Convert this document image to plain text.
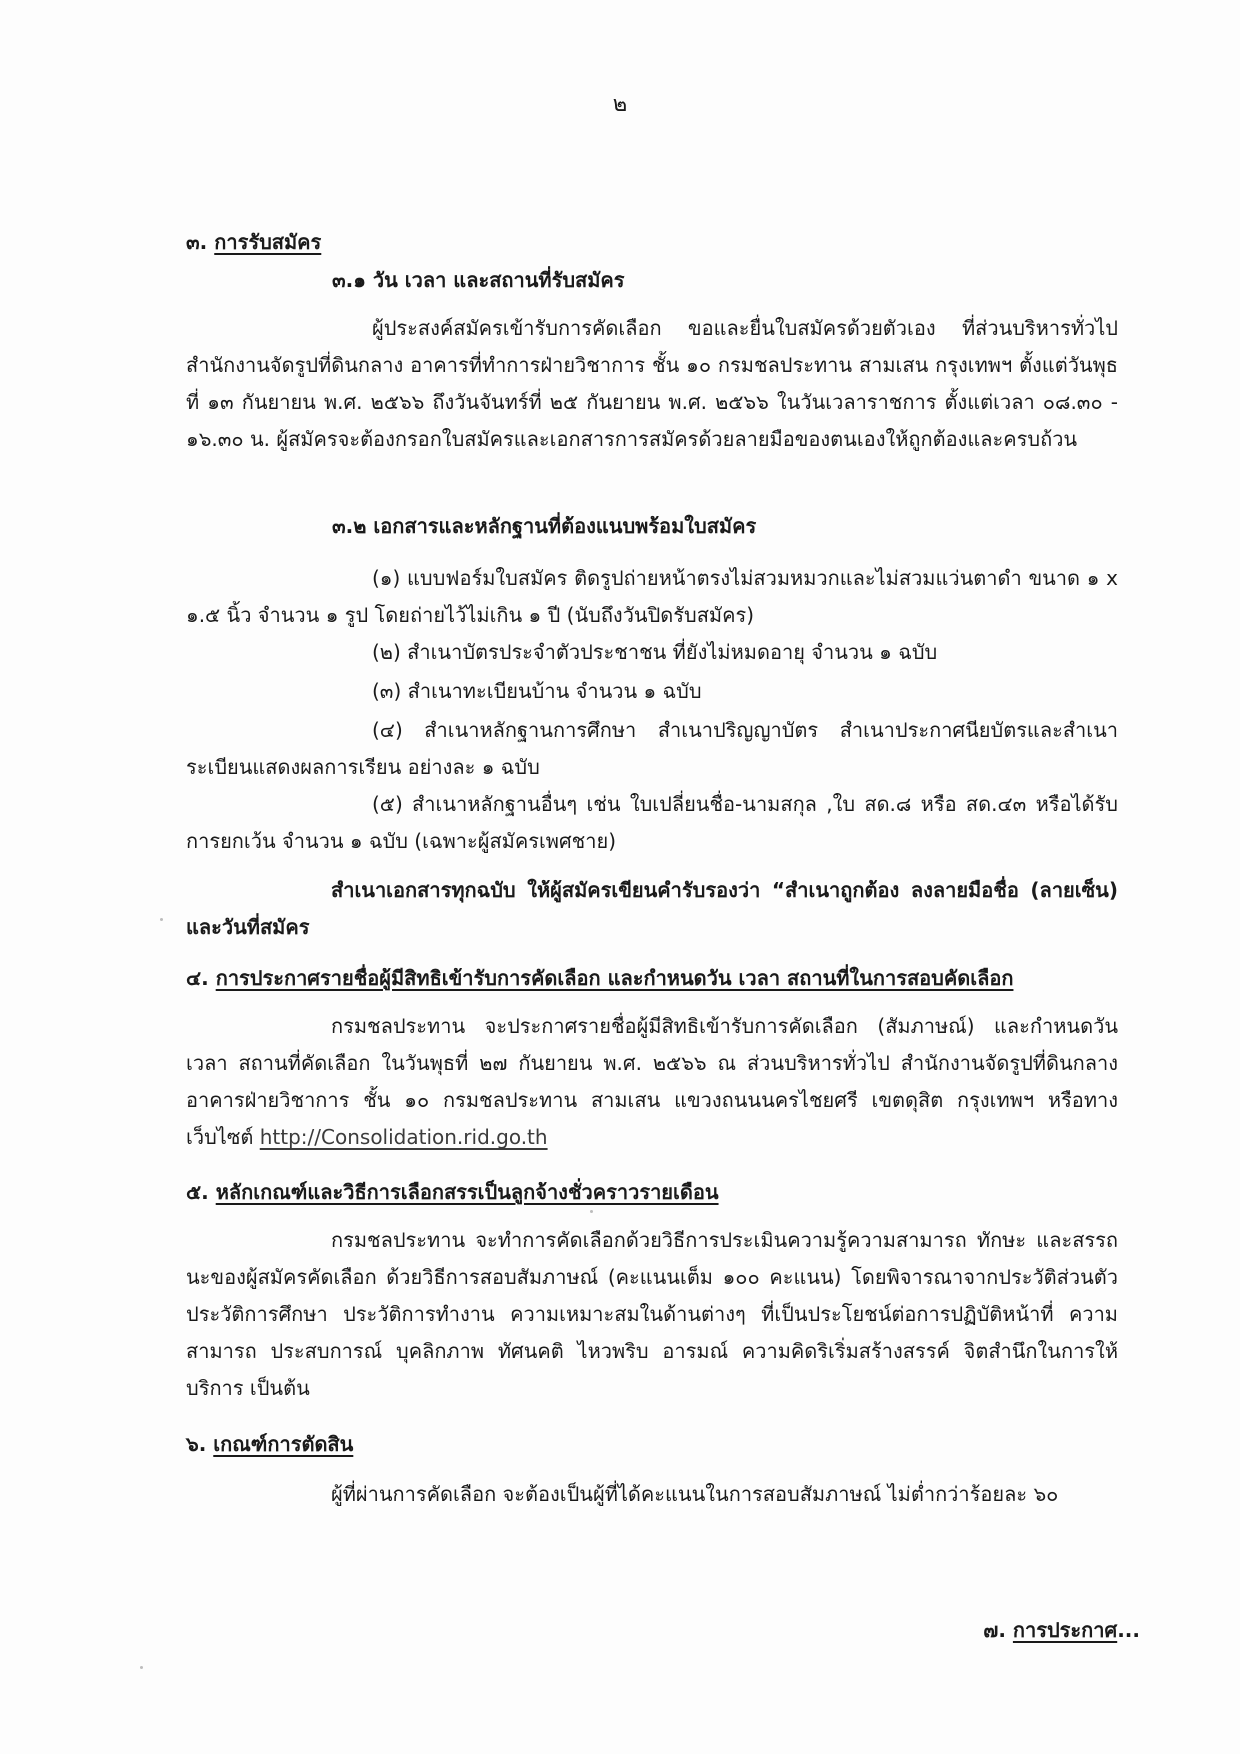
๒
๓. การรับสมัคร
๓.๑ วัน เวลา และสถานที่รับสมัคร

ผู้ประสงค์สมัครเข้ารับการคัดเลือก ขอและยื่นใบสมัครด้วยตัวเอง ที่ส่วนบริหารทั่วไป สำนักงานจัดรูปที่ดินกลาง อาคารที่ทำการฝ่ายวิชาการ ชั้น ๑๐ กรมชลประทาน สามเสน กรุงเทพฯ ตั้งแต่วันพุธที่ ๑๓ กันยายน พ.ศ. ๒๕๖๖ ถึงวันจันทร์ที่ ๒๕ กันยายน พ.ศ. ๒๕๖๖ ในวันเวลาราชการ ตั้งแต่เวลา ๐๘.๓๐ - ๑๖.๓๐ น. ผู้สมัครจะต้องกรอกใบสมัครและเอกสารการสมัครด้วยลายมือของตนเองให้ถูกต้องและครบถ้วน

๓.๒ เอกสารและหลักฐานที่ต้องแนบพร้อมใบสมัคร

(๑) แบบฟอร์มใบสมัคร ติดรูปถ่ายหน้าตรงไม่สวมหมวกและไม่สวมแว่นตาดำ ขนาด ๑ x ๑.๕ นิ้ว จำนวน ๑ รูป โดยถ่ายไว้ไม่เกิน ๑ ปี (นับถึงวันปิดรับสมัคร)

(๒) สำเนาบัตรประจำตัวประชาชน ที่ยังไม่หมดอายุ จำนวน ๑ ฉบับ

(๓) สำเนาทะเบียนบ้าน จำนวน ๑ ฉบับ

(๔) สำเนาหลักฐานการศึกษา สำเนาปริญญาบัตร สำเนาประกาศนียบัตรและสำเนาระเบียนแสดงผลการเรียน อย่างละ ๑ ฉบับ

(๕) สำเนาหลักฐานอื่นๆ เช่น ใบเปลี่ยนชื่อ-นามสกุล ,ใบ สด.๘ หรือ สด.๔๓ หรือได้รับการยกเว้น จำนวน ๑ ฉบับ (เฉพาะผู้สมัครเพศชาย)

สำเนาเอกสารทุกฉบับ ให้ผู้สมัครเขียนคำรับรองว่า “สำเนาถูกต้อง ลงลายมือชื่อ (ลายเซ็น) และวันที่สมัคร

๔. การประกาศรายชื่อผู้มีสิทธิเข้ารับการคัดเลือก และกำหนดวัน เวลา สถานที่ในการสอบคัดเลือก

กรมชลประทาน จะประกาศรายชื่อผู้มีสิทธิเข้ารับการคัดเลือก (สัมภาษณ์) และกำหนดวัน เวลา สถานที่คัดเลือก ในวันพุธที่ ๒๗ กันยายน พ.ศ. ๒๕๖๖ ณ ส่วนบริหารทั่วไป สำนักงานจัดรูปที่ดินกลาง อาคารฝ่ายวิชาการ ชั้น ๑๐ กรมชลประทาน สามเสน แขวงถนนนครไชยศรี เขตดุสิต กรุงเทพฯ หรือทางเว็บไซต์ http://Consolidation.rid.go.th

๕. หลักเกณฑ์และวิธีการเลือกสรรเป็นลูกจ้างชั่วคราวรายเดือน

กรมชลประทาน จะทำการคัดเลือกด้วยวิธีการประเมินความรู้ความสามารถ ทักษะ และสรรถนะของผู้สมัครคัดเลือก ด้วยวิธีการสอบสัมภาษณ์ (คะแนนเต็ม ๑๐๐ คะแนน) โดยพิจารณาจากประวัติส่วนตัว ประวัติการศึกษา ประวัติการทำงาน ความเหมาะสมในด้านต่างๆ ที่เป็นประโยชน์ต่อการปฏิบัติหน้าที่ ความสามารถ ประสบการณ์ บุคลิกภาพ ทัศนคติ ไหวพริบ อารมณ์ ความคิดริเริ่มสร้างสรรค์ จิตสำนึกในการให้บริการ เป็นต้น

๖. เกณฑ์การตัดสิน

ผู้ที่ผ่านการคัดเลือก จะต้องเป็นผู้ที่ได้คะแนนในการสอบสัมภาษณ์ ไม่ต่ำกว่าร้อยละ ๖๐

๗. การประกาศ...
